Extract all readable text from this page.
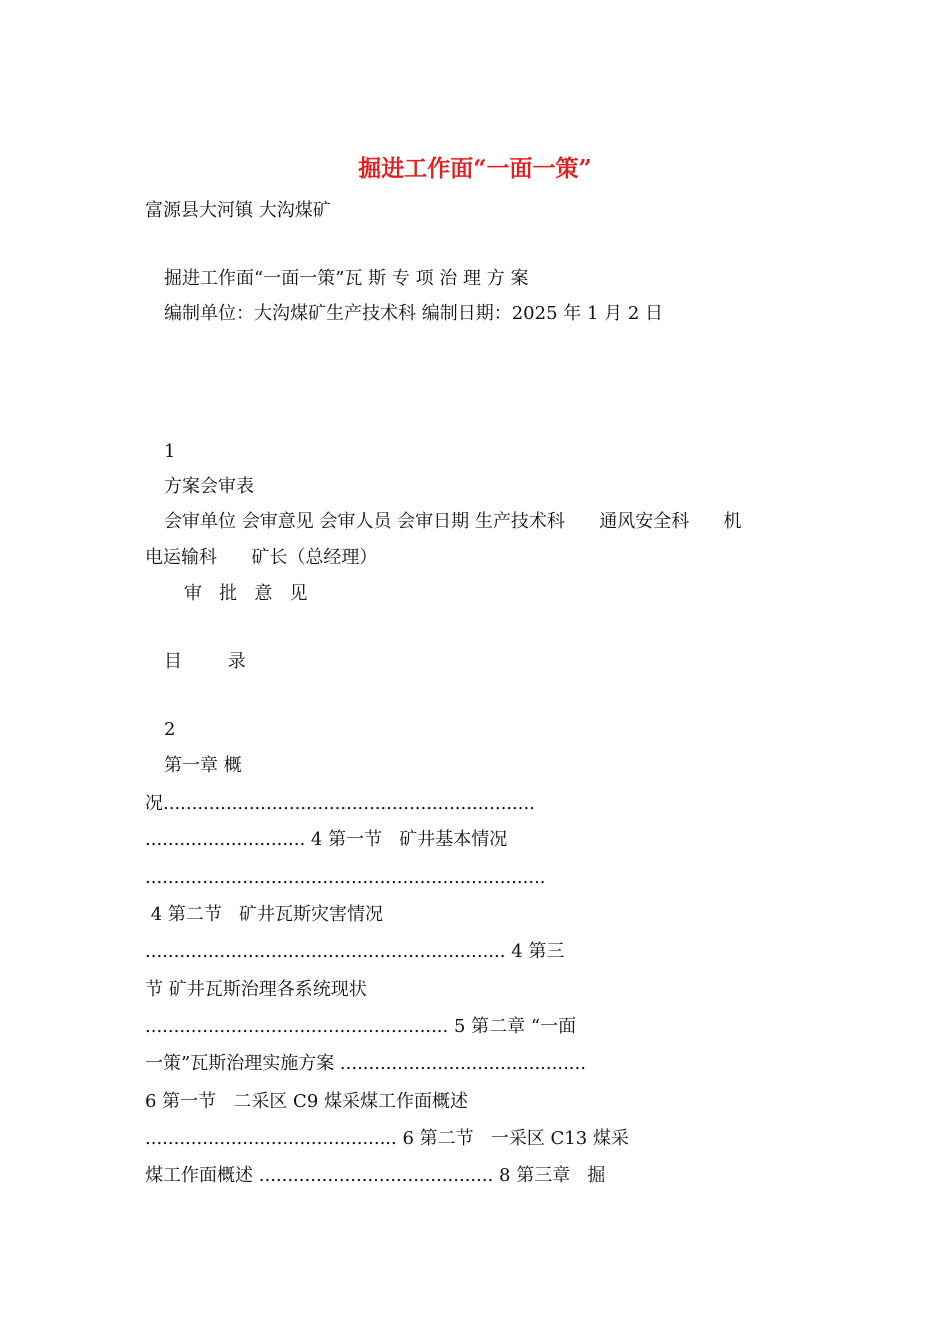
掘进工作面“一面一策”
富源县大河镇 大沟煤矿
掘进工作面“一面一策”瓦 斯 专 项 治 理 方 案
编制单位：大沟煤矿生产技术科 编制日期：2025 年 1 月 2 日
1
方案会审表
会审单位 会审意见 会审人员 会审日期 生产技术科      通风安全科      机
电运输科      矿长（总经理）
审   批   意   见
目        录
2
第一章 概
况.................................................................
............................ 4 第一节   矿井基本情况
......................................................................
4 第二节   矿井瓦斯灾害情况
............................................................... 4 第三
节 矿井瓦斯治理各系统现状
..................................................... 5 第二章 “一面
一策”瓦斯治理实施方案 ...........................................
6 第一节   二采区 C9 煤采煤工作面概述
............................................ 6 第二节   一采区 C13 煤采
煤工作面概述 ......................................... 8 第三章   掘
